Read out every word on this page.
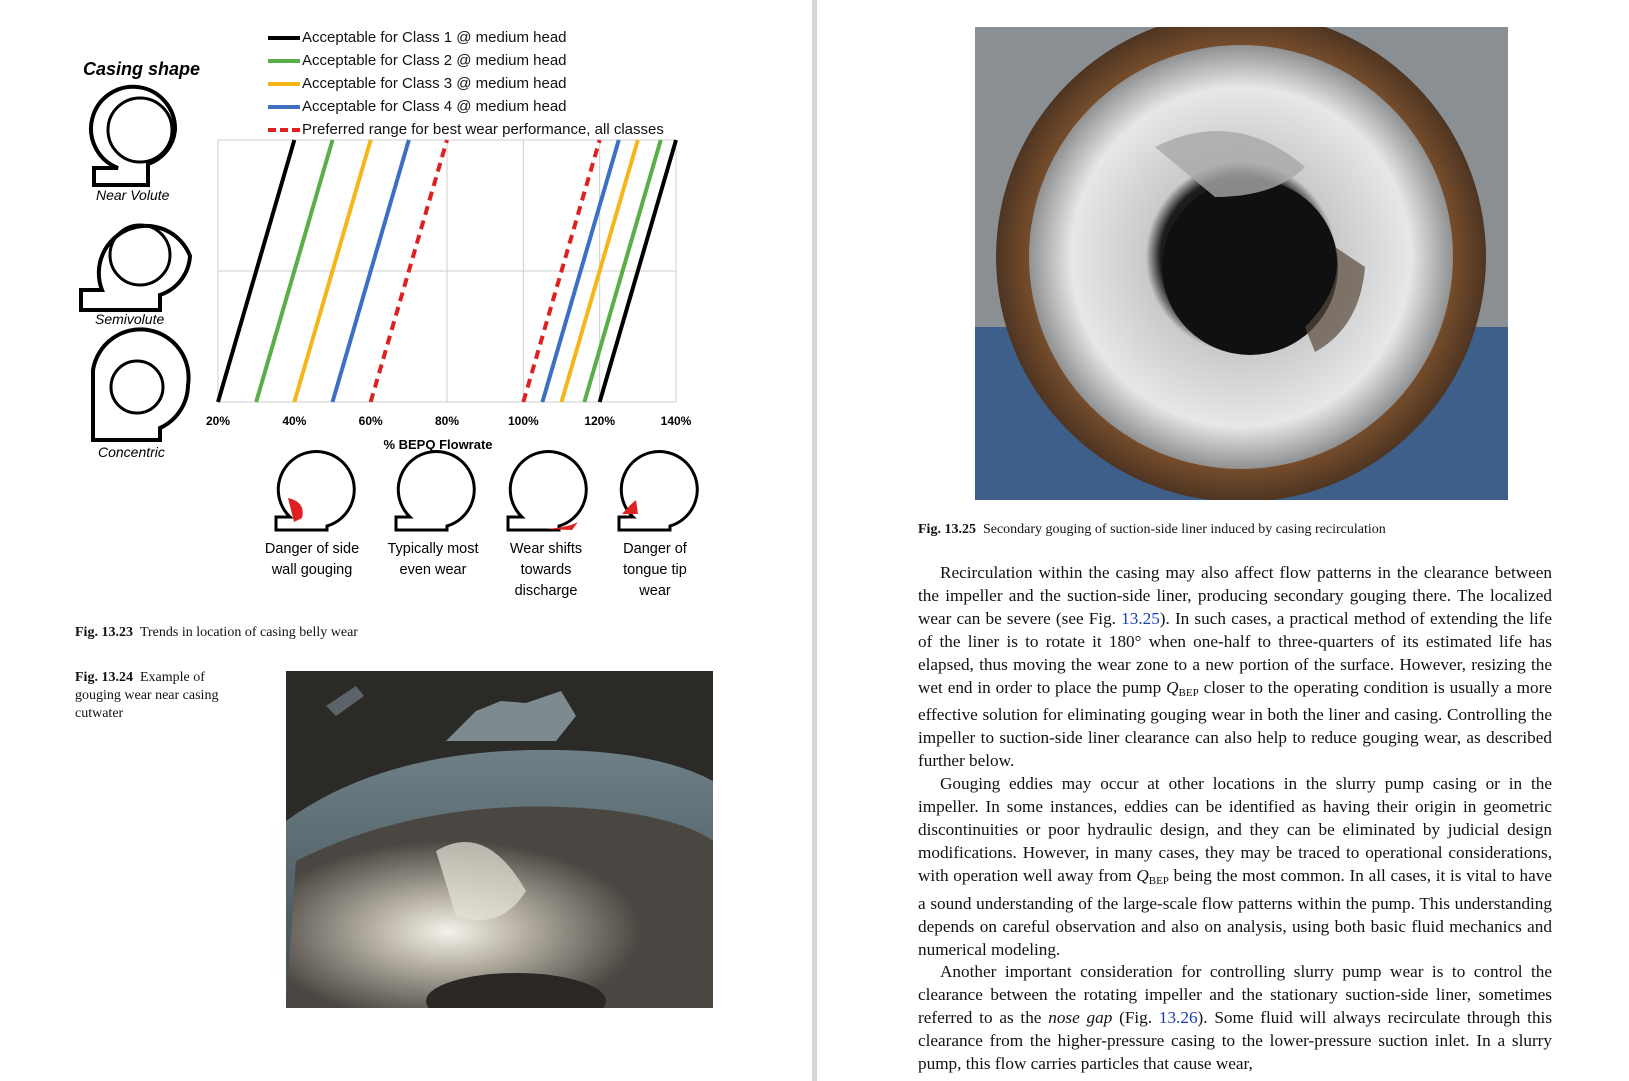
Casing shape
Near Volute
Semivolute
Concentric
Acceptable for Class 1 @ medium head
Acceptable for Class 2 @ medium head
Acceptable for Class 3 @ medium head
Acceptable for Class 4 @ medium head
Preferred range for best wear performance, all classes
20%	40%	60%	80%	100%	120%	140%
% BEPQ Flowrate
Danger of side
wall gouging
Typically most
even wear
Wear shifts
towards
discharge
Danger of
tongue tip
wear
Fig. 13.23 Trends in location of casing belly wear
Fig. 13.24 Example of
gouging wear near casing
cutwater
Fig. 13.25 Secondary gouging of suction-side liner induced by casing recirculation

Recirculation within the casing may also affect flow patterns in the clearance between the impeller and the suction-side liner, producing secondary gouging there. The localized wear can be severe (see Fig. 13.25). In such cases, a practical method of extending the life of the liner is to rotate it 180° when one-half to three-quarters of its estimated life has elapsed, thus moving the wear zone to a new portion of the surface. However, resizing the wet end in order to place the pump $Q_{BEP}$ closer to the operating condition is usually a more effective solution for eliminating gouging wear in both the liner and casing. Controlling the impeller to suction-side liner clearance can also help to reduce gouging wear, as described further below.

Gouging eddies may occur at other locations in the slurry pump casing or in the impeller. In some instances, eddies can be identified as having their origin in geometric discontinuities or poor hydraulic design, and they can be eliminated by judicial design modifications. However, in many cases, they may be traced to operational considerations, with operation well away from $Q_{BEP}$ being the most common. In all cases, it is vital to have a sound understanding of the large-scale flow patterns within the pump. This understanding depends on careful observation and also on analysis, using both basic fluid mechanics and numerical modeling.

Another important consideration for controlling slurry pump wear is to control the clearance between the rotating impeller and the stationary suction-side liner, sometimes referred to as the nose gap (Fig. 13.26). Some fluid will always recirculate through this clearance from the higher-pressure casing to the lower-pressure suction inlet. In a slurry pump, this flow carries particles that cause wear,
